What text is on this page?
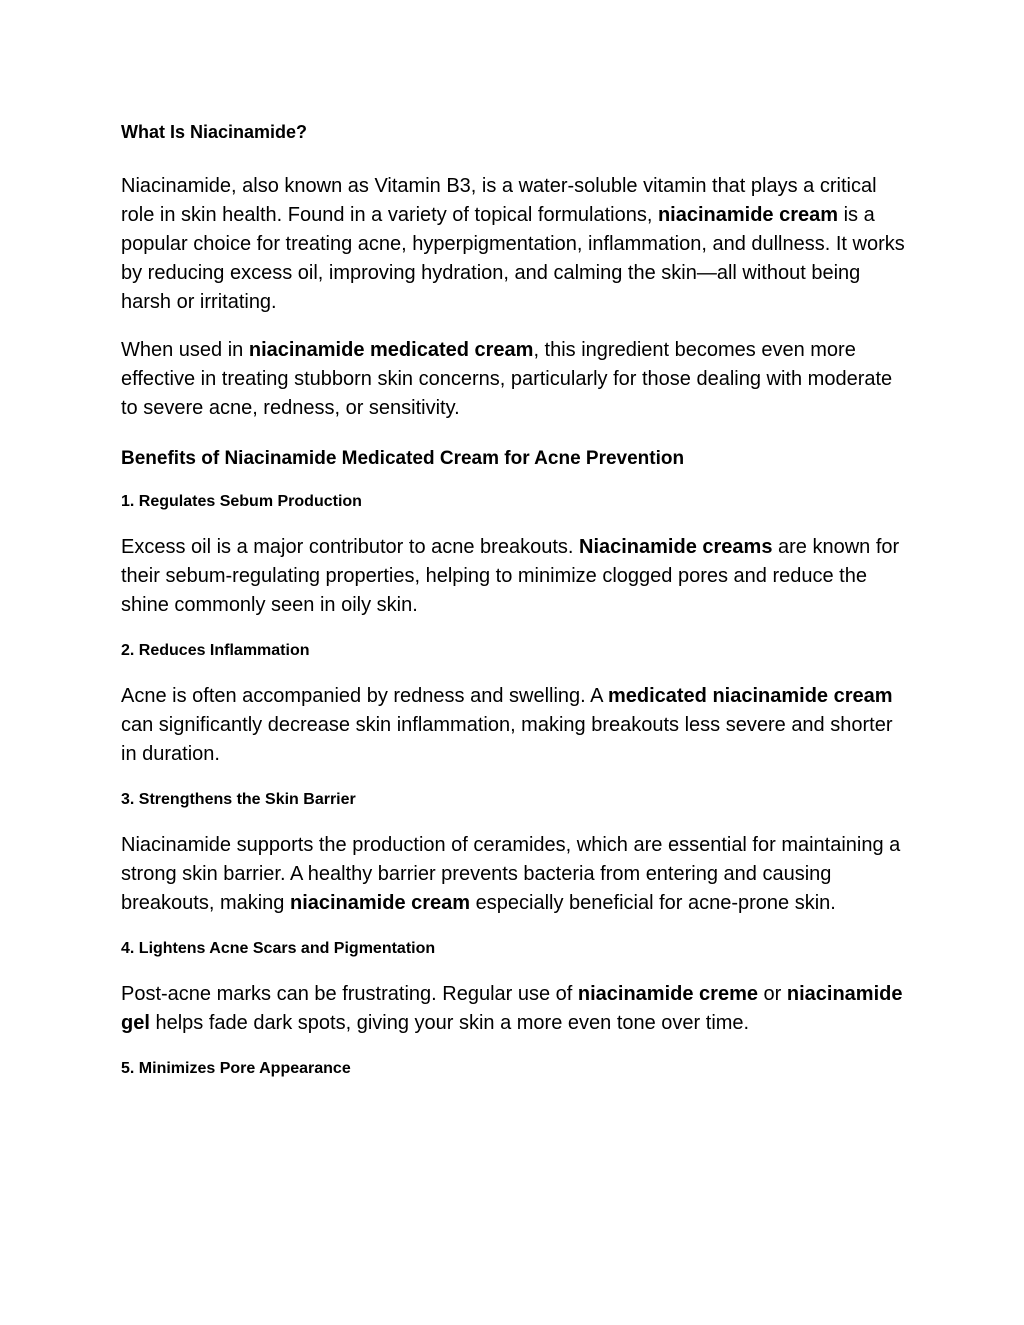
What Is Niacinamide?

Niacinamide, also known as Vitamin B3, is a water-soluble vitamin that plays a critical role in skin health. Found in a variety of topical formulations, niacinamide cream is a popular choice for treating acne, hyperpigmentation, inflammation, and dullness. It works by reducing excess oil, improving hydration, and calming the skin—all without being harsh or irritating.

When used in niacinamide medicated cream, this ingredient becomes even more effective in treating stubborn skin concerns, particularly for those dealing with moderate to severe acne, redness, or sensitivity.

Benefits of Niacinamide Medicated Cream for Acne Prevention
1. Regulates Sebum Production

Excess oil is a major contributor to acne breakouts. Niacinamide creams are known for their sebum-regulating properties, helping to minimize clogged pores and reduce the shine commonly seen in oily skin.

2. Reduces Inflammation

Acne is often accompanied by redness and swelling. A medicated niacinamide cream can significantly decrease skin inflammation, making breakouts less severe and shorter in duration.

3. Strengthens the Skin Barrier

Niacinamide supports the production of ceramides, which are essential for maintaining a strong skin barrier. A healthy barrier prevents bacteria from entering and causing breakouts, making niacinamide cream especially beneficial for acne-prone skin.

4. Lightens Acne Scars and Pigmentation

Post-acne marks can be frustrating. Regular use of niacinamide creme or niacinamide gel helps fade dark spots, giving your skin a more even tone over time.

5. Minimizes Pore Appearance
